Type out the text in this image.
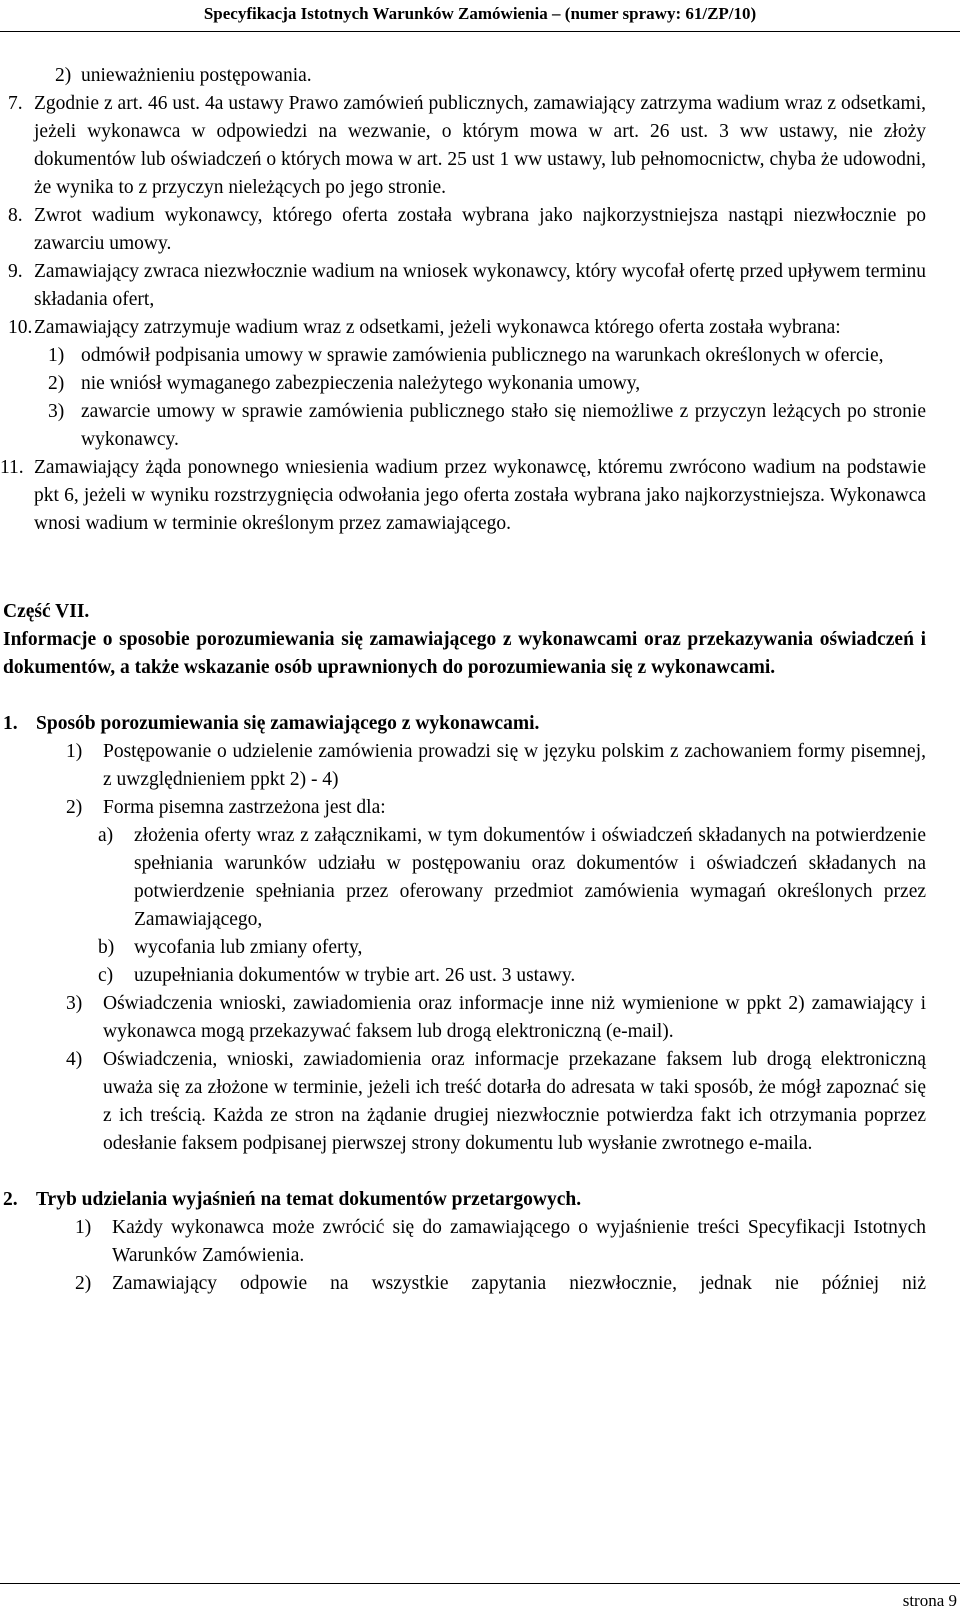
Specyfikacja Istotnych Warunków Zamówienia – (numer sprawy: 61/ZP/10)
2) unieważnieniu postępowania.
7. Zgodnie z art. 46 ust. 4a ustawy Prawo zamówień publicznych, zamawiający zatrzyma wadium wraz z odsetkami, jeżeli wykonawca w odpowiedzi na wezwanie, o którym mowa w art. 26 ust. 3 ww ustawy, nie złoży dokumentów lub oświadczeń o których mowa w art. 25 ust 1 ww ustawy, lub pełnomocnictw, chyba że udowodni, że wynika to z przyczyn nieleżących po jego stronie.
8. Zwrot wadium wykonawcy, którego oferta została wybrana jako najkorzystniejsza nastąpi niezwłocznie po zawarciu umowy.
9. Zamawiający zwraca niezwłocznie wadium na wniosek wykonawcy, który wycofał ofertę przed upływem terminu składania ofert,
10. Zamawiający zatrzymuje wadium wraz z odsetkami, jeżeli wykonawca którego oferta została wybrana:
1) odmówił podpisania umowy w sprawie zamówienia publicznego na warunkach określonych w ofercie,
2) nie wniósł wymaganego zabezpieczenia należytego wykonania umowy,
3) zawarcie umowy w sprawie zamówienia publicznego stało się niemożliwe z przyczyn leżących po stronie wykonawcy.
11. Zamawiający żąda ponownego wniesienia wadium przez wykonawcę, któremu zwrócono wadium na podstawie pkt 6, jeżeli w wyniku rozstrzygnięcia odwołania jego oferta została wybrana jako najkorzystniejsza. Wykonawca wnosi wadium w terminie określonym przez zamawiającego.
Część VII.
Informacje o sposobie porozumiewania się zamawiającego z wykonawcami oraz przekazywania oświadczeń i dokumentów, a także wskazanie osób uprawnionych do porozumiewania się z wykonawcami.
1. Sposób porozumiewania się zamawiającego z wykonawcami.
1) Postępowanie o udzielenie zamówienia prowadzi się w języku polskim z zachowaniem formy pisemnej, z uwzględnieniem ppkt 2) - 4)
2) Forma pisemna zastrzeżona jest dla:
a) złożenia oferty wraz z załącznikami, w tym dokumentów i oświadczeń składanych na potwierdzenie spełniania warunków udziału w postępowaniu oraz dokumentów i oświadczeń składanych na potwierdzenie spełniania przez oferowany przedmiot zamówienia wymagań określonych przez Zamawiającego,
b) wycofania lub zmiany oferty,
c) uzupełniania dokumentów w trybie art. 26 ust. 3 ustawy.
3) Oświadczenia wnioski, zawiadomienia oraz informacje inne niż wymienione w ppkt 2) zamawiający i wykonawca mogą przekazywać faksem lub drogą elektroniczną (e-mail).
4) Oświadczenia, wnioski, zawiadomienia oraz informacje przekazane faksem lub drogą elektroniczną uważa się za złożone w terminie, jeżeli ich treść dotarła do adresata w taki sposób, że mógł zapoznać się z ich treścią. Każda ze stron na żądanie drugiej niezwłocznie potwierdza fakt ich otrzymania poprzez odesłanie faksem podpisanej pierwszej strony dokumentu lub wysłanie zwrotnego e-maila.
2. Tryb udzielania wyjaśnień na temat dokumentów przetargowych.
1) Każdy wykonawca może zwrócić się do zamawiającego o wyjaśnienie treści Specyfikacji Istotnych Warunków Zamówienia.
2) Zamawiający odpowie na wszystkie zapytania niezwłocznie, jednak nie później niż
strona 9
